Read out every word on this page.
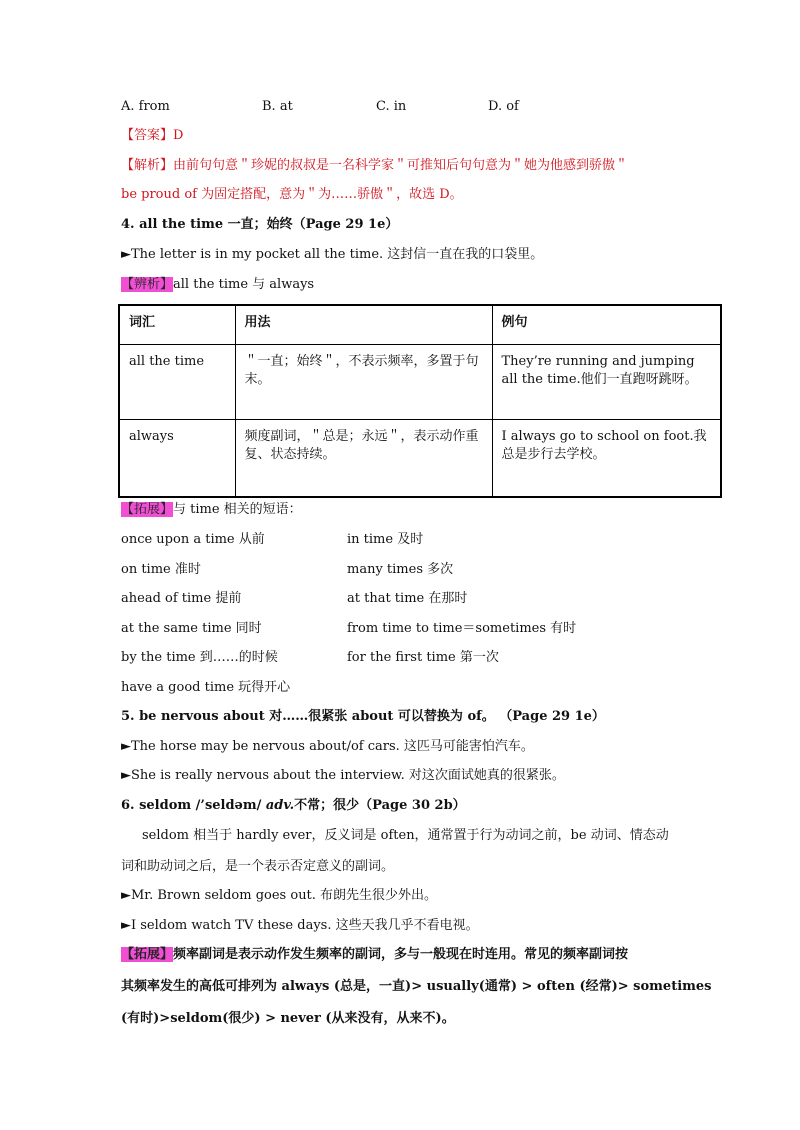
A. from	B. at	C. in	D. of
【答案】D
【解析】由前句句意＂珍妮的叔叔是一名科学家＂可推知后句句意为＂她为他感到骄傲＂
be proud of 为固定搭配，意为＂为……骄傲＂，故选 D。
4. all the time 一直；始终（Page 29 1e）
►The letter is in my pocket all the time. 这封信一直在我的口袋里。
【辨析】all the time 与 always
词汇	用法	例句
all the time	＂一直；始终＂，不表示频率，多置于句末。	They’re running and jumping all the time.他们一直跑呀跳呀。
always	频度副词，＂总是；永远＂，表示动作重复、状态持续。	I always go to school on foot.我总是步行去学校。
【拓展】与 time 相关的短语：
once upon a time 从前	in time 及时
on time 准时	many times 多次
ahead of time 提前	at that time 在那时
at the same time 同时	from time to time＝sometimes 有时
by the time 到……的时候	for the first time 第一次
have a good time 玩得开心
5. be nervous about 对……很紧张 about 可以替换为 of。 （Page 29 1e）
►The horse may be nervous about/of cars. 这匹马可能害怕汽车。
►She is really nervous about the interview. 对这次面试她真的很紧张。
6. seldom /’seldəm/ adv.不常；很少（Page 30 2b）
seldom 相当于 hardly ever，反义词是 often，通常置于行为动词之前，be 动词、情态动
词和助动词之后，是一个表示否定意义的副词。
►Mr. Brown seldom goes out. 布朗先生很少外出。
►I seldom watch TV these days. 这些天我几乎不看电视。
【拓展】频率副词是表示动作发生频率的副词，多与一般现在时连用。常见的频率副词按
其频率发生的高低可排列为 always (总是，一直)> usually(通常) > often (经常)> sometimes
(有时)>seldom(很少) > never (从来没有，从来不)。
